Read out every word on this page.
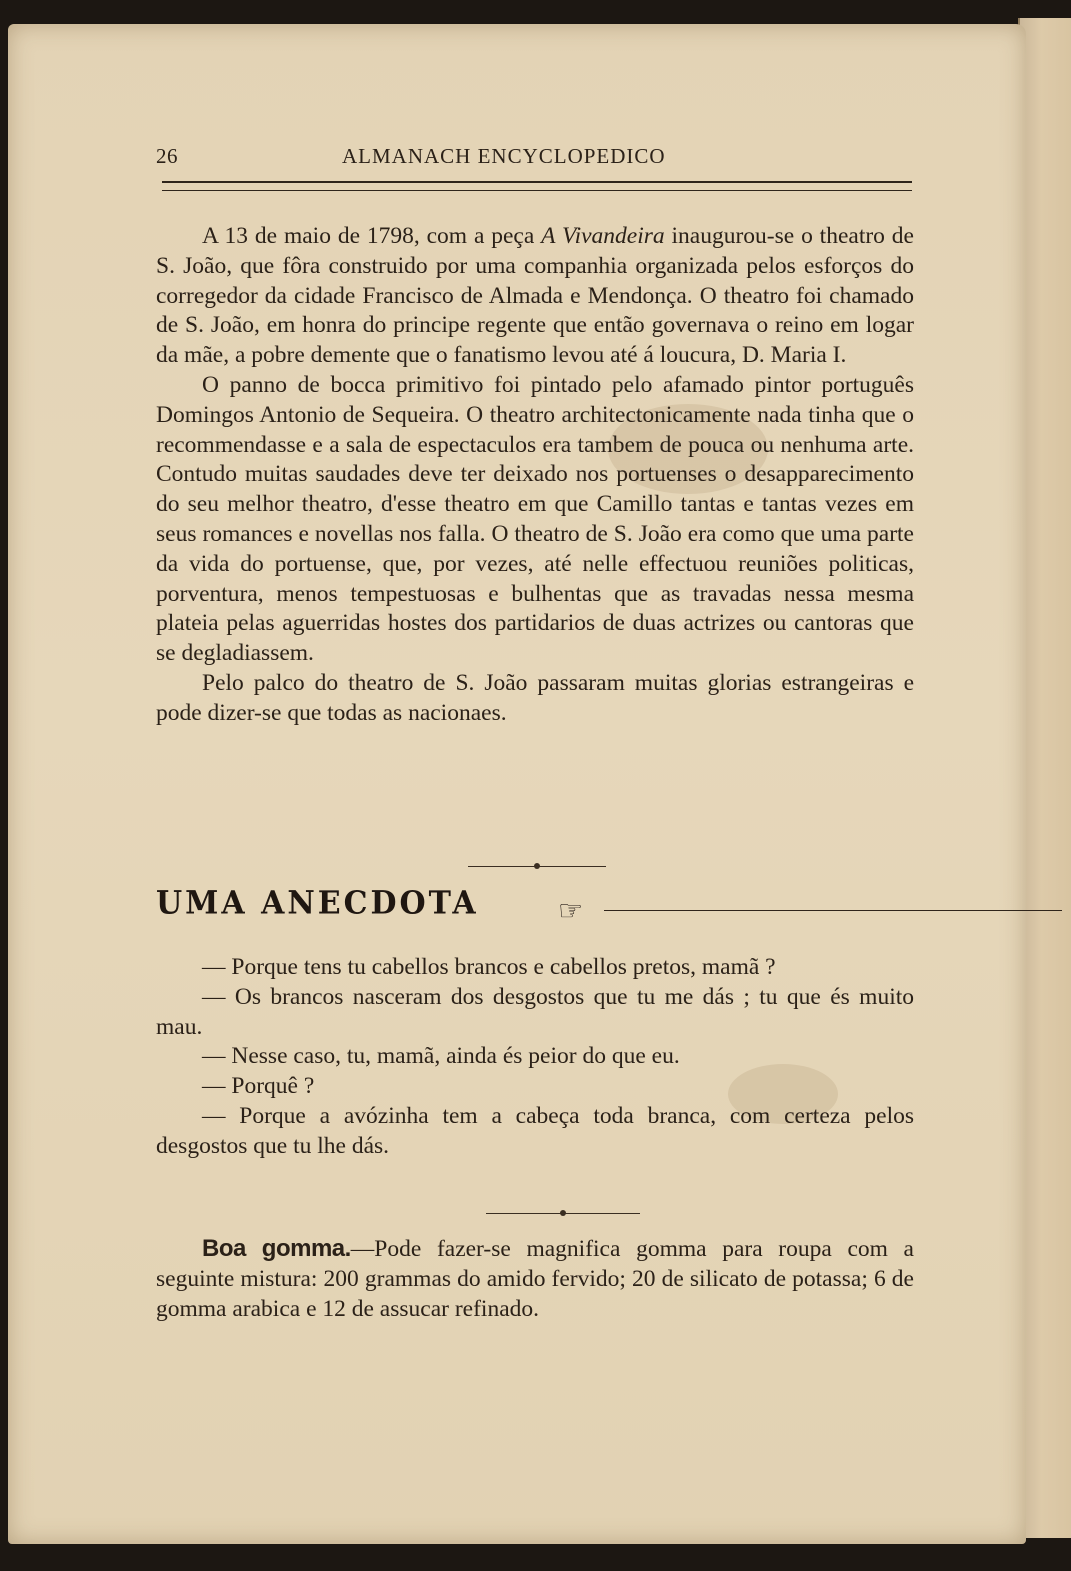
26	ALMANACH ENCYCLOPEDICO

A 13 de maio de 1798, com a peça A Vivandeira inaugurou-se o theatro de S. João, que fôra construido por uma companhia organizada pelos esforços do corregedor da cidade Francisco de Almada e Mendonça. O theatro foi chamado de S. João, em honra do principe regente que então governava o reino em logar da mãe, a pobre demente que o fanatismo levou até á loucura, D. Maria I.

O panno de bocca primitivo foi pintado pelo afamado pintor português Domingos Antonio de Sequeira. O theatro architectonicamente nada tinha que o recommendasse e a sala de espectaculos era tambem de pouca ou nenhuma arte. Contudo muitas saudades deve ter deixado nos portuenses o desapparecimento do seu melhor theatro, d'esse theatro em que Camillo tantas e tantas vezes em seus romances e novellas nos falla. O theatro de S. João era como que uma parte da vida do portuense, que, por vezes, até nelle effectuou reuniões politicas, porventura, menos tempestuosas e bulhentas que as travadas nessa mesma plateia pelas aguerridas hostes dos partidarios de duas actrizes ou cantoras que se degladiassem.

Pelo palco do theatro de S. João passaram muitas glorias estrangeiras e pode dizer-se que todas as nacionaes.

UMA ANECDOTA	☞

— Porque tens tu cabellos brancos e cabellos pretos, mamã ?

— Os brancos nasceram dos desgostos que tu me dás ; tu que és muito mau.

— Nesse caso, tu, mamã, ainda és peior do que eu.

— Porquê ?

— Porque a avózinha tem a cabeça toda branca, com certeza pelos desgostos que tu lhe dás.

Boa gomma.—Pode fazer-se magnifica gomma para roupa com a seguinte mistura: 200 grammas do amido fervido; 20 de silicato de potassa; 6 de gomma arabica e 12 de assucar refinado.
